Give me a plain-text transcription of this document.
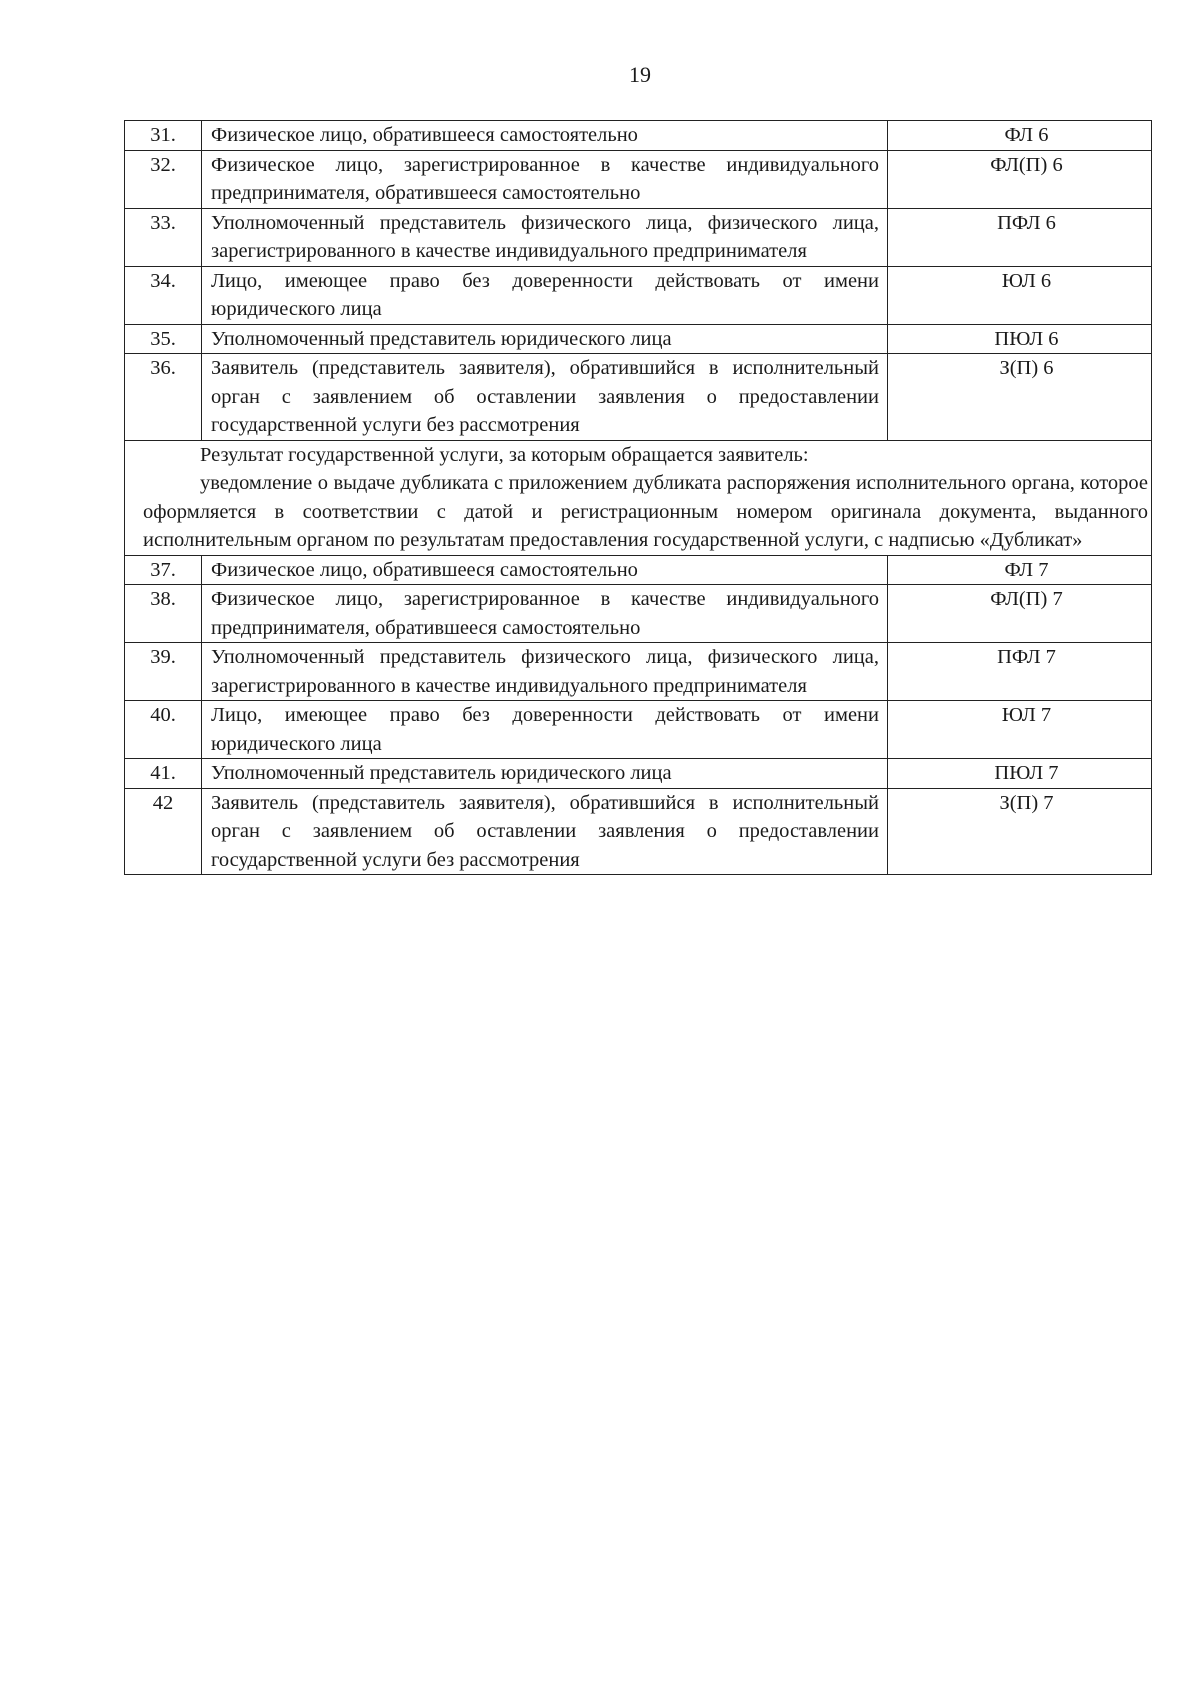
19
31.	Физическое лицо, обратившееся самостоятельно	ФЛ 6
32.	Физическое лицо, зарегистрированное в качестве индивидуального предпринимателя, обратившееся самостоятельно	ФЛ(П) 6
33.	Уполномоченный представитель физического лица, физического лица, зарегистрированного в качестве индивидуального предпринимателя	ПФЛ 6
34.	Лицо, имеющее право без доверенности действовать от имени юридического лица	ЮЛ 6
35.	Уполномоченный представитель юридического лица	ПЮЛ 6
36.	Заявитель (представитель заявителя), обратившийся в исполнительный орган с заявлением об оставлении заявления о предоставлении государственной услуги без рассмотрения	З(П) 6

Результат государственной услуги, за которым обращается заявитель:
уведомление о выдаче дубликата с приложением дубликата распоряжения исполнительного органа, которое оформляется в соответствии с датой и регистрационным номером оригинала документа, выданного исполнительным органом по результатам предоставления государственной услуги, с надписью «Дубликат»		

37.	Физическое лицо, обратившееся самостоятельно	ФЛ 7
38.	Физическое лицо, зарегистрированное в качестве индивидуального предпринимателя, обратившееся самостоятельно	ФЛ(П) 7
39.	Уполномоченный представитель физического лица, физического лица, зарегистрированного в качестве индивидуального предпринимателя	ПФЛ 7
40.	Лицо, имеющее право без доверенности действовать от имени юридического лица	ЮЛ 7
41.	Уполномоченный представитель юридического лица	ПЮЛ 7
42	Заявитель (представитель заявителя), обратившийся в исполнительный орган с заявлением об оставлении заявления о предоставлении государственной услуги без рассмотрения	З(П) 7
